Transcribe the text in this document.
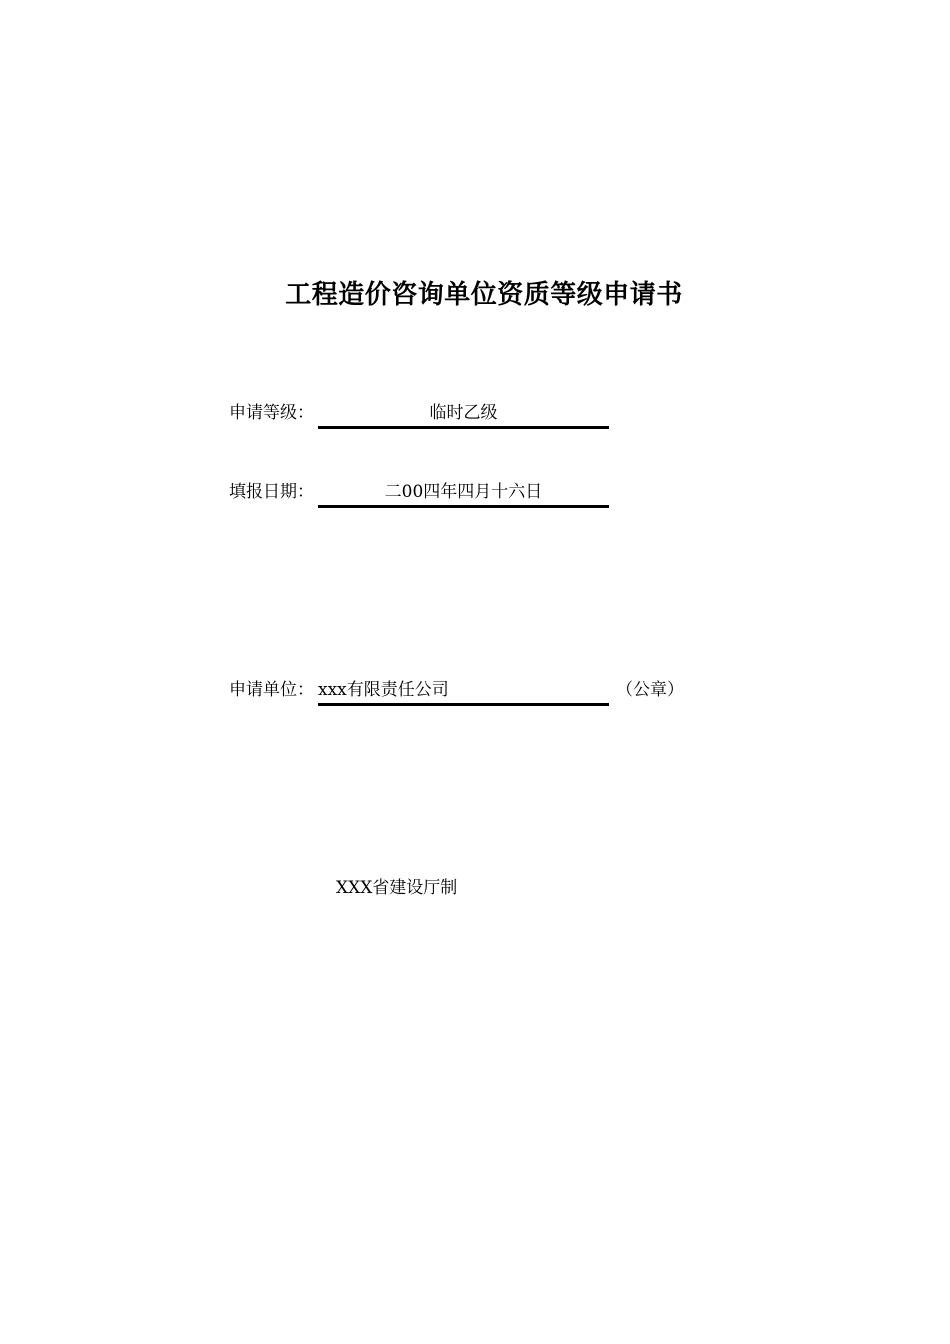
工程造价咨询单位资质等级申请书
申请等级：	临时乙级
填报日期：	二00四年四月十六日
申请单位： xxx有限责任公司	（公章）
XXX省建设厅制
